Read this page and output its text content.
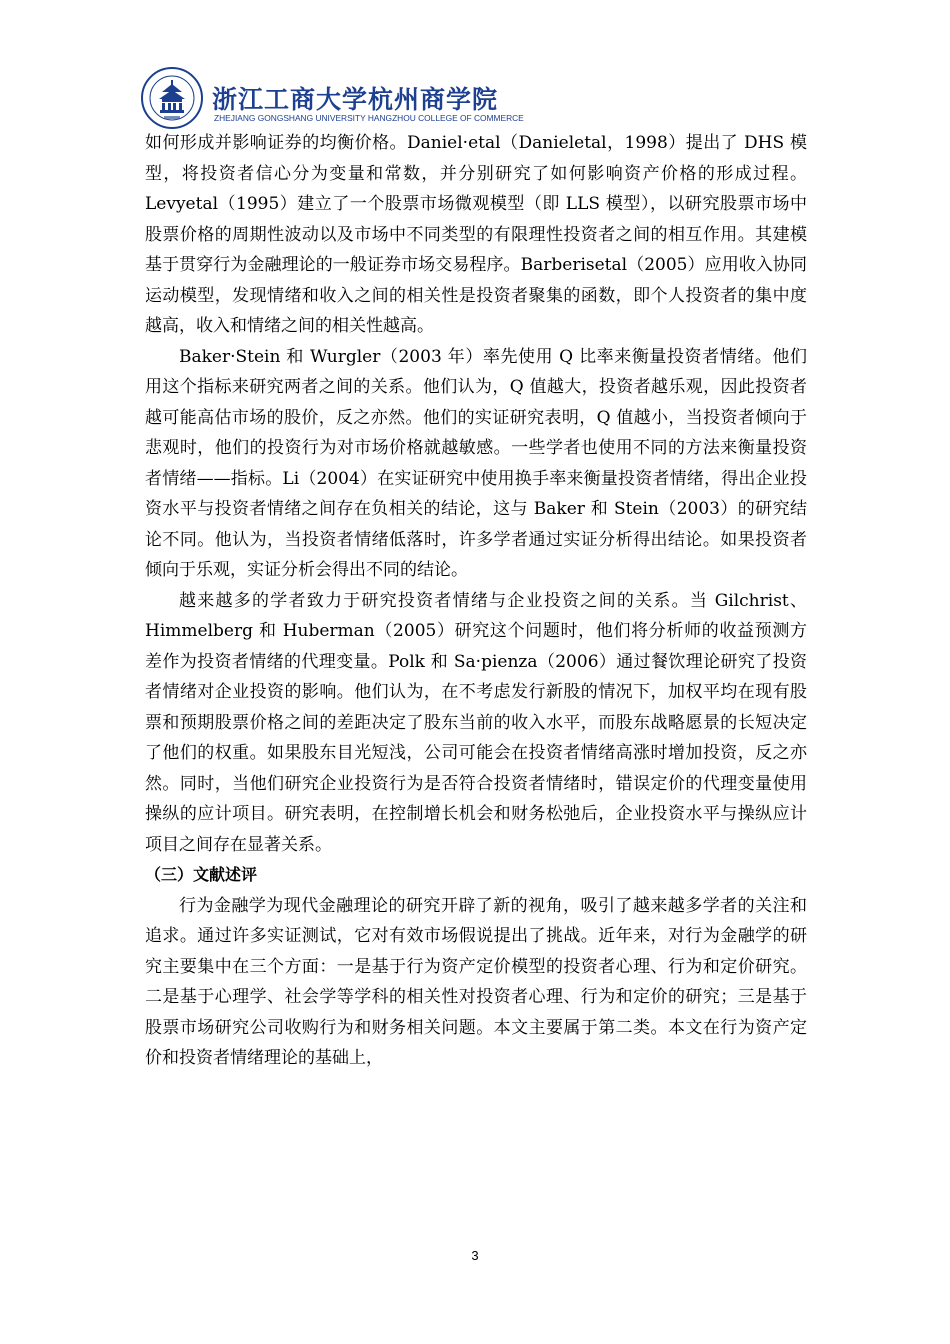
浙江工商大学杭州商学院
ZHEJIANG GONGSHANG UNIVERSITY HANGZHOU COLLEGE OF COMMERCE

如何形成并影响证券的均衡价格。Daniel·etal（Danieletal，1998）提出了 DHS 模型，将投资者信心分为变量和常数，并分别研究了如何影响资产价格的形成过程。Levyetal（1995）建立了一个股票市场微观模型（即 LLS 模型），以研究股票市场中股票价格的周期性波动以及市场中不同类型的有限理性投资者之间的相互作用。其建模基于贯穿行为金融理论的一般证券市场交易程序。Barberisetal（2005）应用收入协同运动模型，发现情绪和收入之间的相关性是投资者聚集的函数，即个人投资者的集中度越高，收入和情绪之间的相关性越高。

Baker·Stein 和 Wurgler（2003 年）率先使用 Q 比率来衡量投资者情绪。他们用这个指标来研究两者之间的关系。他们认为，Q 值越大，投资者越乐观，因此投资者越可能高估市场的股价，反之亦然。他们的实证研究表明，Q 值越小，当投资者倾向于悲观时，他们的投资行为对市场价格就越敏感。一些学者也使用不同的方法来衡量投资者情绪——指标。Li（2004）在实证研究中使用换手率来衡量投资者情绪，得出企业投资水平与投资者情绪之间存在负相关的结论，这与 Baker 和 Stein（2003）的研究结论不同。他认为，当投资者情绪低落时，许多学者通过实证分析得出结论。如果投资者倾向于乐观，实证分析会得出不同的结论。

越来越多的学者致力于研究投资者情绪与企业投资之间的关系。当 Gilchrist、Himmelberg 和 Huberman（2005）研究这个问题时，他们将分析师的收益预测方差作为投资者情绪的代理变量。Polk 和 Sa·pienza（2006）通过餐饮理论研究了投资者情绪对企业投资的影响。他们认为，在不考虑发行新股的情况下，加权平均在现有股票和预期股票价格之间的差距决定了股东当前的收入水平，而股东战略愿景的长短决定了他们的权重。如果股东目光短浅，公司可能会在投资者情绪高涨时增加投资，反之亦然。同时，当他们研究企业投资行为是否符合投资者情绪时，错误定价的代理变量使用操纵的应计项目。研究表明，在控制增长机会和财务松弛后，企业投资水平与操纵应计项目之间存在显著关系。

（三）文献述评

行为金融学为现代金融理论的研究开辟了新的视角，吸引了越来越多学者的关注和追求。通过许多实证测试，它对有效市场假说提出了挑战。近年来，对行为金融学的研究主要集中在三个方面：一是基于行为资产定价模型的投资者心理、行为和定价研究。二是基于心理学、社会学等学科的相关性对投资者心理、行为和定价的研究；三是基于股票市场研究公司收购行为和财务相关问题。本文主要属于第二类。本文在行为资产定价和投资者情绪理论的基础上，

3
